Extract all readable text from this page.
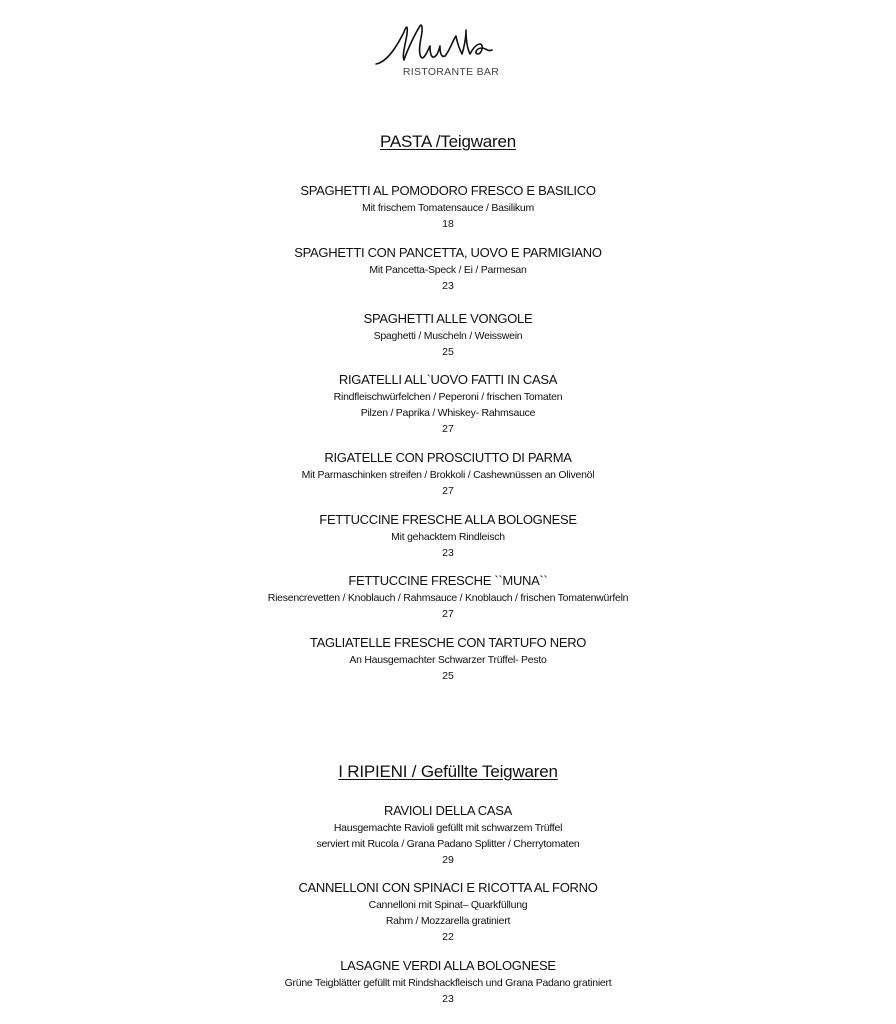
RISTORANTE BAR
PASTA /Teigwaren
SPAGHETTI AL POMODORO FRESCO E BASILICO
Mit frischem Tomatensauce / Basilikum
18
SPAGHETTI CON PANCETTA, UOVO E PARMIGIANO
Mit Pancetta-Speck / Ei / Parmesan
23
SPAGHETTI ALLE VONGOLE
Spaghetti / Muscheln / Weisswein
25
RIGATELLI ALL`UOVO FATTI IN CASA
Rindfleischwürfelchen / Peperoni / frischen Tomaten
Pilzen / Paprika / Whiskey- Rahmsauce
27
RIGATELLE CON PROSCIUTTO DI PARMA
Mit Parmaschinken streifen / Brokkoli / Cashewnüssen an Olivenöl
27
FETTUCCINE FRESCHE ALLA BOLOGNESE
Mit gehacktem Rindleisch
23
FETTUCCINE FRESCHE ``MUNA``
Riesencrevetten / Knoblauch / Rahmsauce / Knoblauch / frischen Tomatenwürfeln
27
TAGLIATELLE FRESCHE CON TARTUFO NERO
An Hausgemachter Schwarzer Trüffel- Pesto
25
I RIPIENI / Gefüllte Teigwaren
RAVIOLI DELLA CASA
Hausgemachte Ravioli gefüllt mit schwarzem Trüffel
serviert mit Rucola / Grana Padano Splitter / Cherrytomaten
29
CANNELLONI CON SPINACI E RICOTTA AL FORNO
Cannelloni mit Spinat– Quarkfüllung
Rahm / Mozzarella gratiniert
22
LASAGNE VERDI ALLA BOLOGNESE
Grüne Teigblätter gefüllt mit Rindshackfleisch und Grana Padano gratiniert
23
